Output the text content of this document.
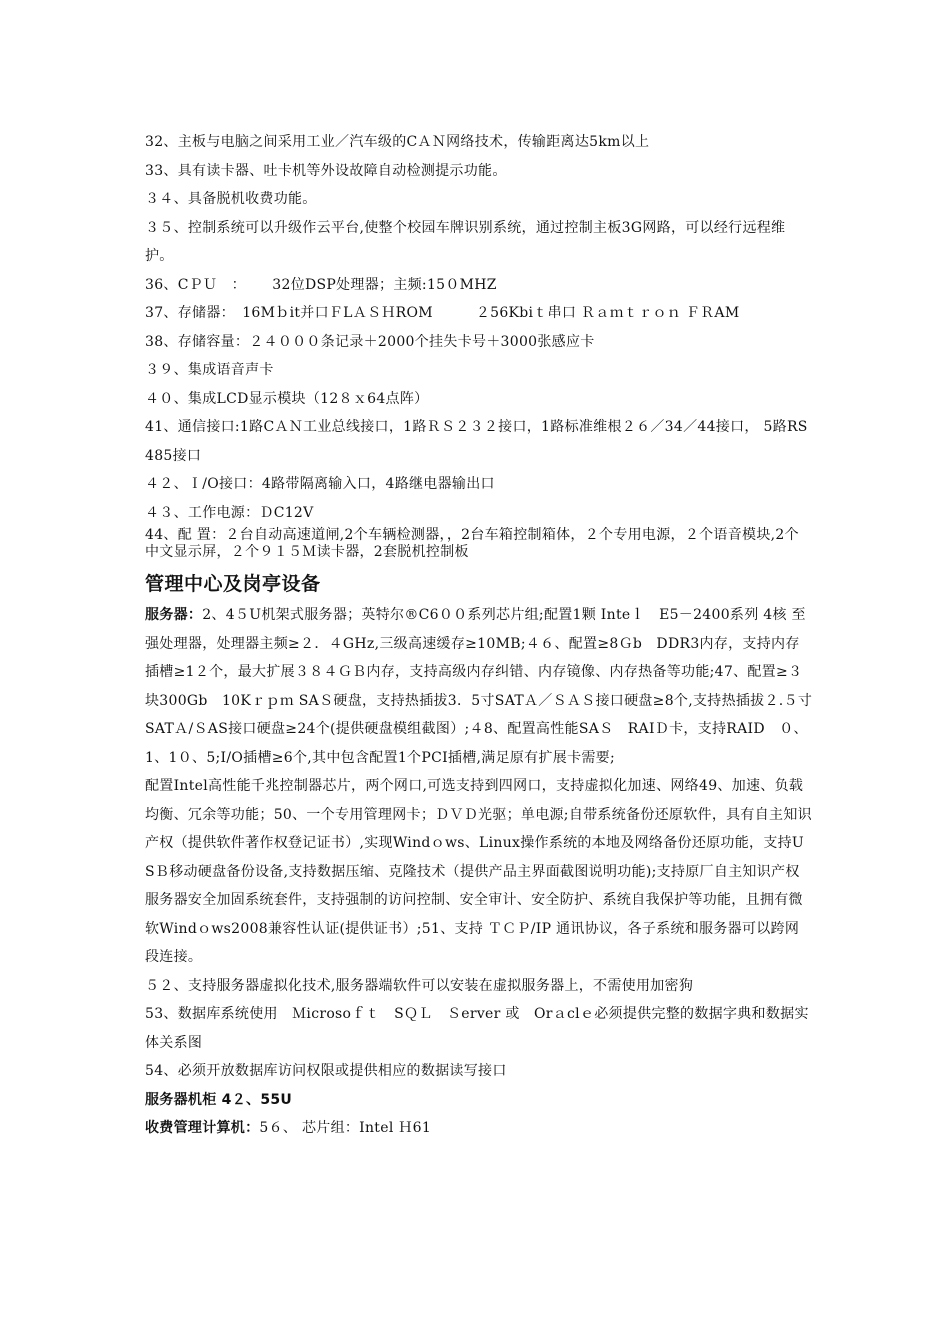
32、主板与电脑之间采用工业／汽车级的CＡＮ网络技术，传输距离达5km以上

33、具有读卡器、吐卡机等外设故障自动检测提示功能。

３４、具备脱机收费功能。

３５、控制系统可以升级作云平台,使整个校园车牌识别系统，通过控制主板3G网路，可以经行远程维护。

36、CＰＵ　：　　 32位DSP处理器；主频:15０MHZ

37、存储器：　16Mｂit并口ＦLＡＳＨROM　　　２56Kbiｔ串口 Ｒａｍｔｒｏｎ ＦＲAM

38、存储容量：２４０００条记录＋2000个挂失卡号＋3000张感应卡

３９、集成语音声卡

４０、集成LCD显示模块（12８ｘ64点阵）

41、通信接口:1路CＡＮ工业总线接口，1路ＲＳ２３２接口，1路标准维根２６／34／44接口， 5路RS485接口

４２、Ｉ/O接口：4路带隔离输入口，4路继电器输出口

４３、工作电源：ＤC12V

44、配 置：２台自动高速道闸,2个车辆检测器，，2台车箱控制箱体，２个专用电源，２个语音模块,2个中文显示屏，２个９１５Ｍ读卡器，2套脱机控制板

管理中心及岗亭设备

服务器：2、4５U机架式服务器；英特尔®C6００系列芯片组;配置1颗 Inteｌ　E5－2400系列 4核 至强处理器，处理器主频≥２．４GHz,三级高速缓存≥10MB;４６、配置≥8Ｇb　DDR3内存，支持内存插槽≥1２个，最大扩展３８４ＧＢ内存，支持高级内存纠错、内存镜像、内存热备等功能;47、配置≥３块300Gb　10Kｒｐｍ SAＳ硬盘，支持热插拔3．5寸SATＡ／ＳＡＳ接口硬盘≥8个,支持热插拔２.５寸SATＡ/ＳAS接口硬盘≥24个(提供硬盘模组截图）;４8、配置高性能SAＳ　RAIＤ卡，支持RAID　０、1、1０、5;I/O插槽≥6个,其中包含配置1个PCI插槽,满足原有扩展卡需要;

配置Intel高性能千兆控制器芯片，两个网口,可选支持到四网口，支持虚拟化加速、网络49、加速、负载均衡、冗余等功能；50、一个专用管理网卡；ＤＶＤ光驱；单电源;自带系统备份还原软件，具有自主知识产权（提供软件著作权登记证书）,实现Windｏws、Linux操作系统的本地及网络备份还原功能，支持USＢ移动硬盘备份设备,支持数据压缩、克隆技术（提供产品主界面截图说明功能);支持原厂自主知识产权服务器安全加固系统套件，支持强制的访问控制、安全审计、安全防护、系统自我保护等功能，且拥有微软Windｏws2008兼容性认证(提供证书）;51、支持 ＴＣＰ/IP 通讯协议，各子系统和服务器可以跨网段连接。

５２、支持服务器虚拟化技术,服务器端软件可以安装在虚拟服务器上，不需使用加密狗

53、数据库系统使用　Ｍicrosoｆｔ　SＱＬ　Ｓerver 或　Orａclｅ必须提供完整的数据字典和数据实体关系图

54、必须开放数据库访问权限或提供相应的数据读写接口

服务器机柜 4２、55U

收费管理计算机：5６、 芯片组：Intel Ｈ61
